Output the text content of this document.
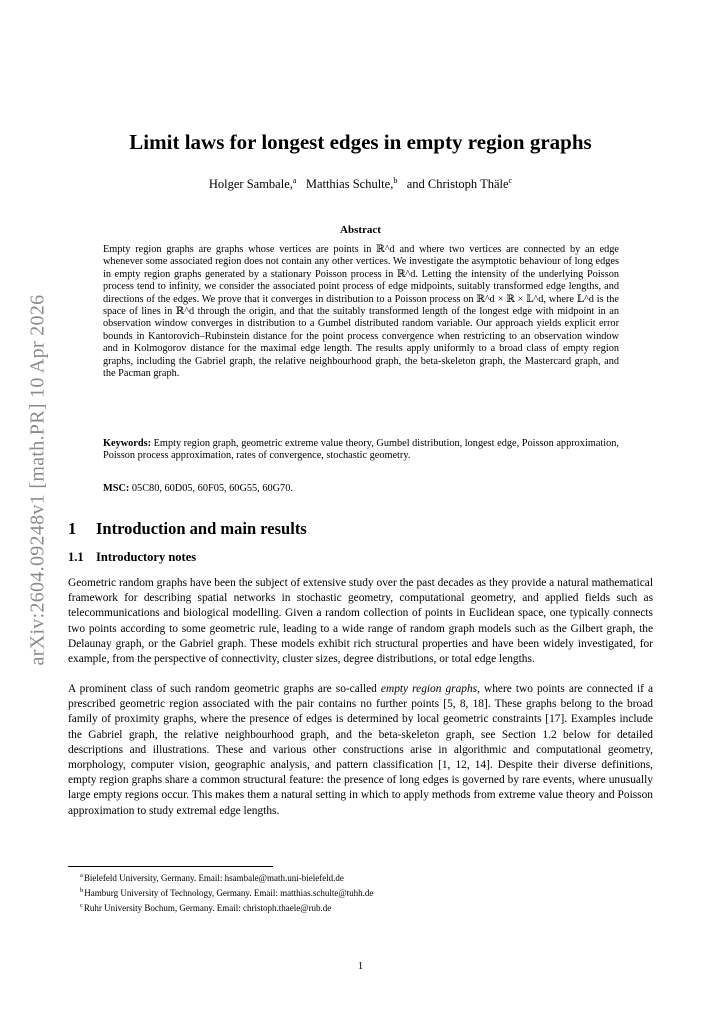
arXiv:2604.09248v1 [math.PR] 10 Apr 2026
Limit laws for longest edges in empty region graphs
Holger Sambale,$^a$ Matthias Schulte,$^b$ and Christoph Thäle$^c$
Abstract
Empty region graphs are graphs whose vertices are points in ℝ^d and where two vertices are connected by an edge whenever some associated region does not contain any other vertices. We investigate the asymptotic behaviour of long edges in empty region graphs generated by a stationary Poisson process in ℝ^d. Letting the intensity of the underlying Poisson process tend to infinity, we consider the associated point process of edge midpoints, suitably transformed edge lengths, and directions of the edges. We prove that it converges in distribution to a Poisson process on ℝ^d × ℝ × 𝕃^d, where 𝕃^d is the space of lines in ℝ^d through the origin, and that the suitably transformed length of the longest edge with midpoint in an observation window converges in distribution to a Gumbel distributed random variable. Our approach yields explicit error bounds in Kantorovich–Rubinstein distance for the point process convergence when restricting to an observation window and in Kolmogorov distance for the maximal edge length. The results apply uniformly to a broad class of empty region graphs, including the Gabriel graph, the relative neighbourhood graph, the beta-skeleton graph, the Mastercard graph, and the Pacman graph.
Keywords: Empty region graph, geometric extreme value theory, Gumbel distribution, longest edge, Poisson approximation, Poisson process approximation, rates of convergence, stochastic geometry.
MSC: 05C80, 60D05, 60F05, 60G55, 60G70.
1 Introduction and main results
1.1 Introductory notes

Geometric random graphs have been the subject of extensive study over the past decades as they provide a natural mathematical framework for describing spatial networks in stochastic geometry, computational geometry, and applied fields such as telecommunications and biological modelling. Given a random collection of points in Euclidean space, one typically connects two points according to some geometric rule, leading to a wide range of random graph models such as the Gilbert graph, the Delaunay graph, or the Gabriel graph. These models exhibit rich structural properties and have been widely investigated, for example, from the perspective of connectivity, cluster sizes, degree distributions, or total edge lengths.

A prominent class of such random geometric graphs are so-called empty region graphs, where two points are connected if a prescribed geometric region associated with the pair contains no further points [5, 8, 18]. These graphs belong to the broad family of proximity graphs, where the presence of edges is determined by local geometric constraints [17]. Examples include the Gabriel graph, the relative neighbourhood graph, and the beta-skeleton graph, see Section 1.2 below for detailed descriptions and illustrations. These and various other constructions arise in algorithmic and computational geometry, morphology, computer vision, geographic analysis, and pattern classification [1, 12, 14]. Despite their diverse definitions, empty region graphs share a common structural feature: the presence of long edges is governed by rare events, where unusually large empty regions occur. This makes them a natural setting in which to apply methods from extreme value theory and Poisson approximation to study extremal edge lengths.

$^a$Bielefeld University, Germany. Email: hsambale@math.uni-bielefeld.de
$^b$Hamburg University of Technology, Germany. Email: matthias.schulte@tuhh.de
$^c$Ruhr University Bochum, Germany. Email: christoph.thaele@rub.de
1
